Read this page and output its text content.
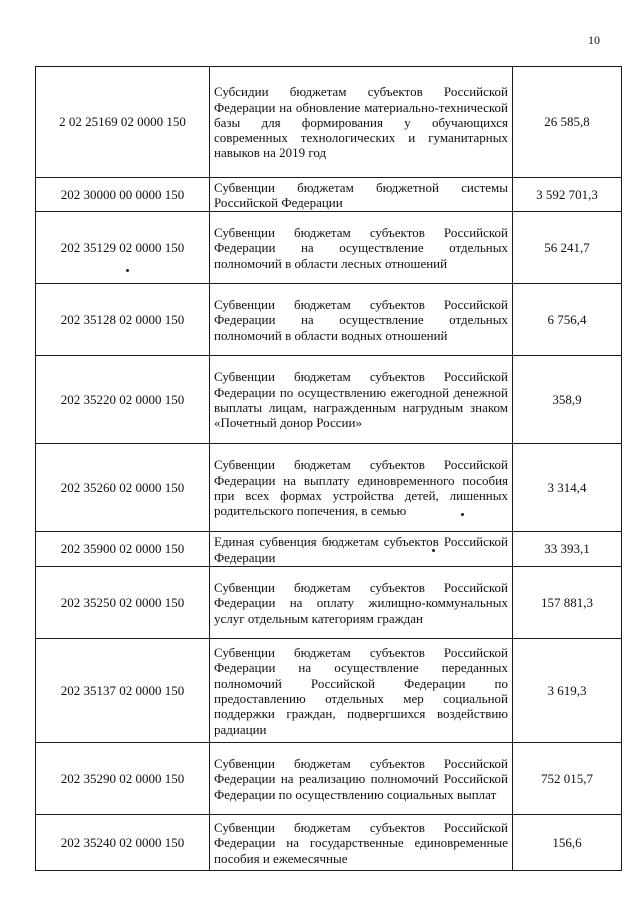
10
2 02 25169 02 0000 150	Субсидии бюджетам субъектов Российской Федерации на обновление материально-технической базы для формирования у обучающихся современных технологических и гуманитарных навыков на 2019 год	26 585,8
202 30000 00 0000 150	Субвенции бюджетам бюджетной системы Российской Федерации	3 592 701,3
202 35129 02 0000 150	Субвенции бюджетам субъектов Российской Федерации на осуществление отдельных полномочий в области лесных отношений	56 241,7
202 35128 02 0000 150	Субвенции бюджетам субъектов Российской Федерации на осуществление отдельных полномочий в области водных отношений	6 756,4
202 35220 02 0000 150	Субвенции бюджетам субъектов Российской Федерации по осуществлению ежегодной денежной выплаты лицам, награжденным нагрудным знаком «Почетный донор России»	358,9
202 35260 02 0000 150	Субвенции бюджетам субъектов Российской Федерации на выплату единовременного пособия при всех формах устройства детей, лишенных родительского попечения, в семью	3 314,4
202 35900 02 0000 150	Единая субвенция бюджетам субъектов Российской Федерации	33 393,1
202 35250 02 0000 150	Субвенции бюджетам субъектов Российской Федерации на оплату жилищно-коммунальных услуг отдельным категориям граждан	157 881,3
202 35137 02 0000 150	Субвенции бюджетам субъектов Российской Федерации на осуществление переданных полномочий Российской Федерации по предоставлению отдельных мер социальной поддержки граждан, подвергшихся воздействию радиации	3 619,3
202 35290 02 0000 150	Субвенции бюджетам субъектов Российской Федерации на реализацию полномочий Российской Федерации по осуществлению социальных выплат	752 015,7
202 35240 02 0000 150	Субвенции бюджетам субъектов Российской Федерации на государственные единовременные пособия и ежемесячные	156,6
